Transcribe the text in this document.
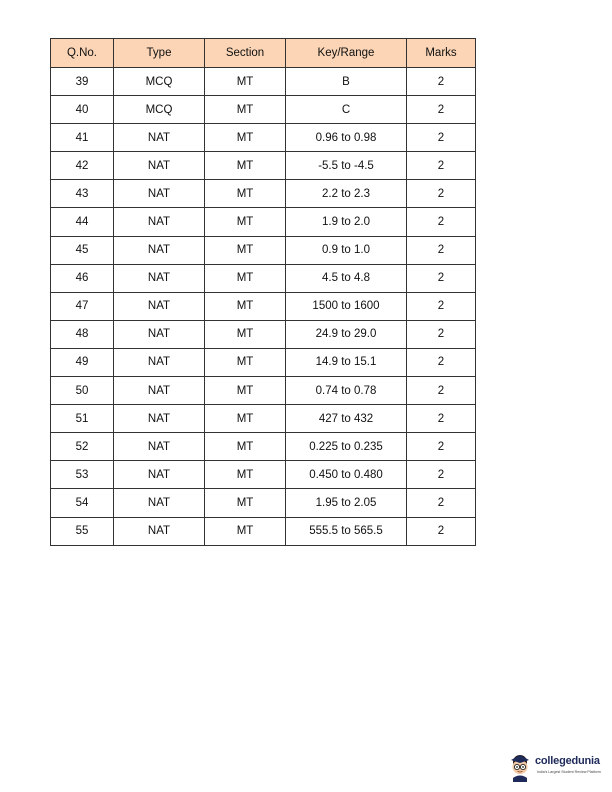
Q.No.	Type	Section	Key/Range	Marks
39	MCQ	MT	B	2
40	MCQ	MT	C	2
41	NAT	MT	0.96 to 0.98	2
42	NAT	MT	-5.5 to -4.5	2
43	NAT	MT	2.2 to 2.3	2
44	NAT	MT	1.9 to 2.0	2
45	NAT	MT	0.9 to 1.0	2
46	NAT	MT	4.5 to 4.8	2
47	NAT	MT	1500 to 1600	2
48	NAT	MT	24.9 to 29.0	2
49	NAT	MT	14.9 to 15.1	2
50	NAT	MT	0.74 to 0.78	2
51	NAT	MT	427 to 432	2
52	NAT	MT	0.225 to 0.235	2
53	NAT	MT	0.450 to 0.480	2
54	NAT	MT	1.95 to 2.05	2
55	NAT	MT	555.5 to 565.5	2
collegedunia
India's Largest Student Review Platform
